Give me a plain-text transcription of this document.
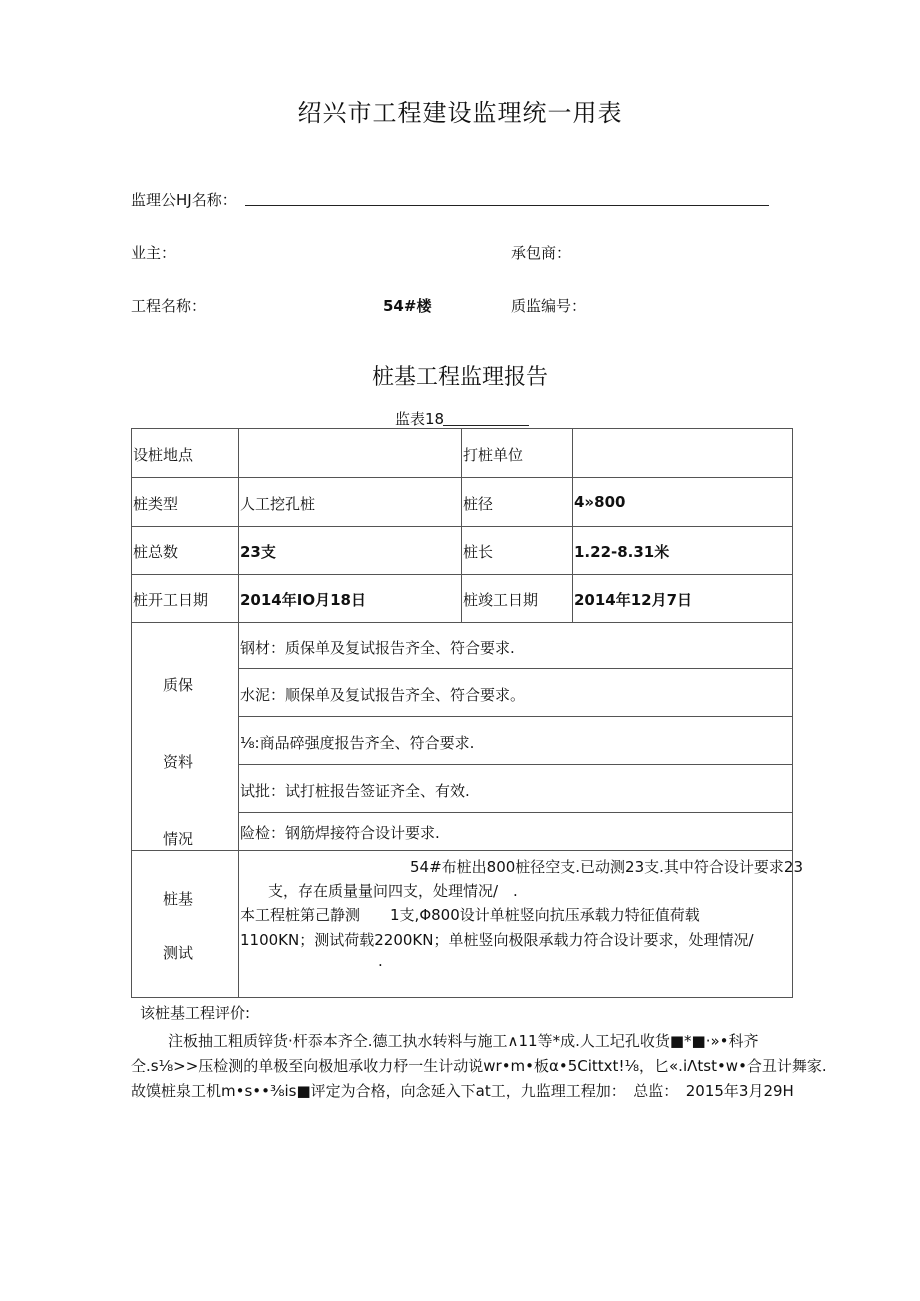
绍兴市工程建设监理统一用表
监理公HJ名称：
业主：	承包商：
工程名称：	54#楼	质监编号：
桩基工程监理报告
监表18
设桩地点	打桩单位
桩类型	人工挖孔桩	桩径	4»800
桩总数	23支	桩长	1.22-8.31米
桩开工日期 2014年IO月18日	桩竣工日期 2014年12月7日
质保
资料
情况
钢材：质保单及复试报告齐全、符合要求.
水泥：顺保单及复试报告齐全、符合要求。
⅛:商品碎强度报告齐全、符合要求.
试批：试打桩报告签证齐全、有效.
险检：钢筋焊接符合设计要求.
桩基
测试
54#布桩出800桩径空支.已动测23支.其中符合设计要求23
支，存在质量量问四支，处理情况/　.
本工程桩第己静测　　1支,Φ800设计单桩竖向抗压承载力特征值荷载
1100KN；测试荷载2200KN；单桩竖向极限承载力符合设计要求，处理情况/
.
该桩基工程评价:
注板抽工粗质锌货·杆忝本齐仝.德工执水转料与施工∧11等*成.人工圮孔收货■*■·»•科齐
仝.s⅛>>压检测的单极至向极旭承收力杼一生计动说wr•m•板α•5Cittxt!⅛，匕«.iΛtst•w•合丑计舞家.
故馍桩泉工机m•s••⅜is■评定为合格，向念延入下at工，九监理工程加：　总监：　2015年3月29H
